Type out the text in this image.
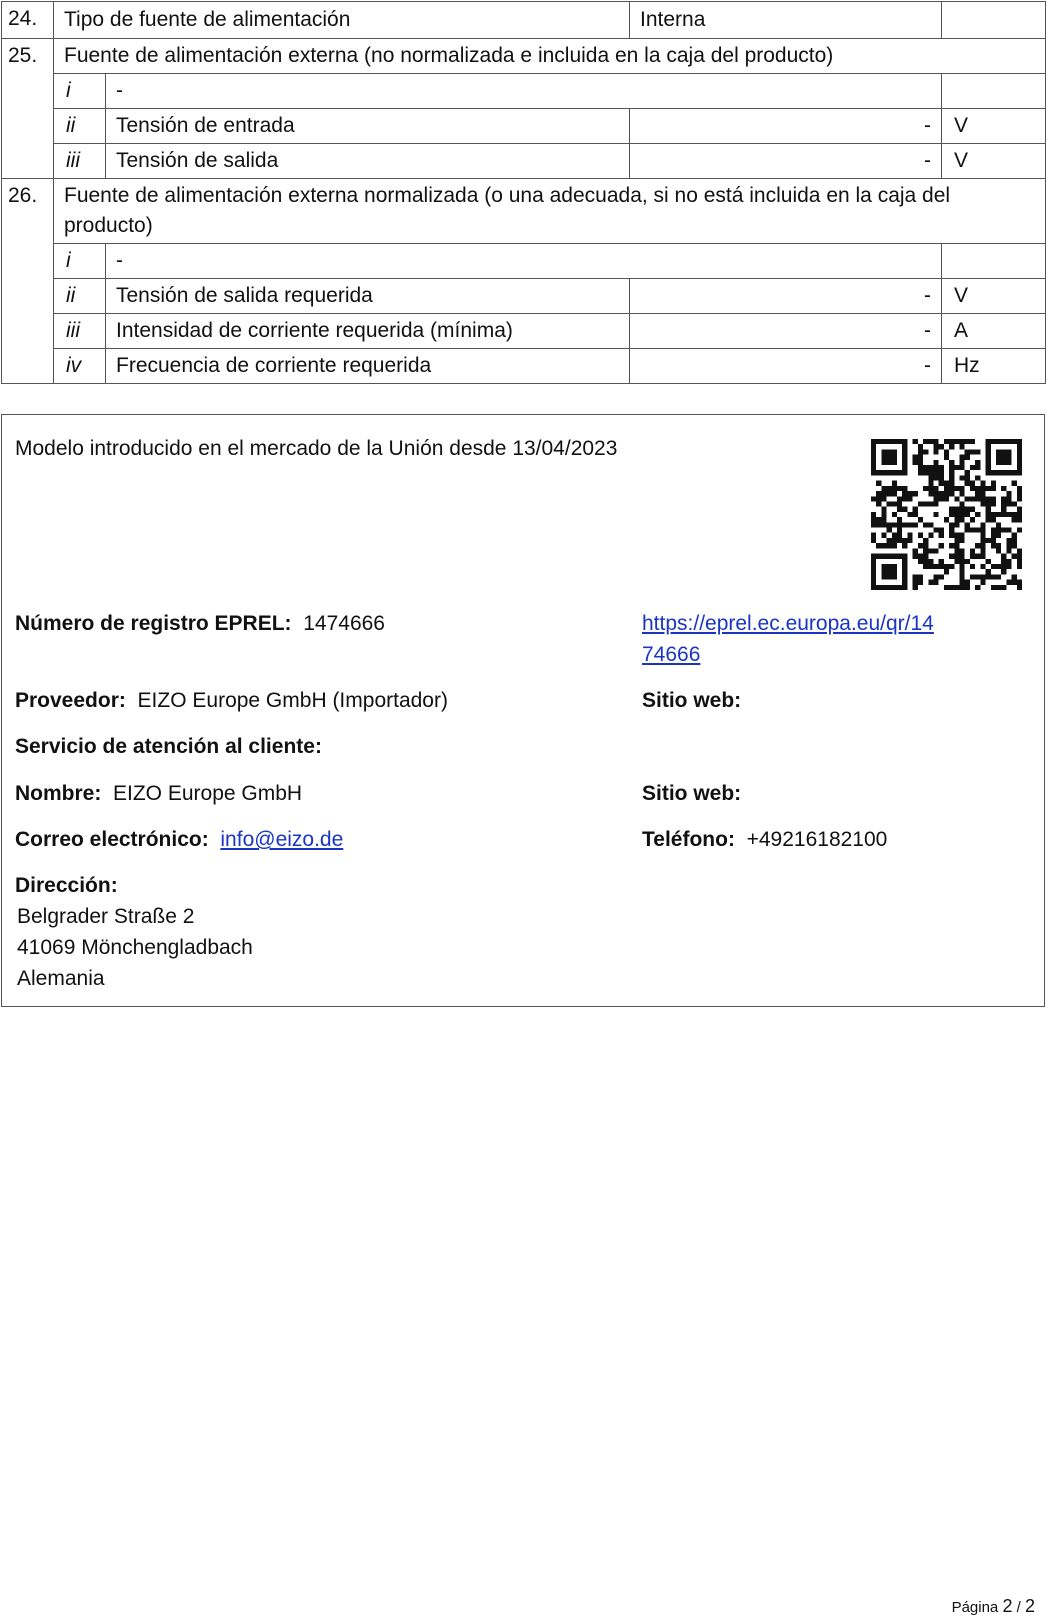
24.	Tipo de fuente de alimentación		Interna	
25.	Fuente de alimentación externa (no normalizada e incluida en la caja del producto)			
	i	-		
	ii	Tensión de entrada	-	V
	iii	Tensión de salida	-	V
26.	Fuente de alimentación externa normalizada (o una adecuada, si no está incluida en la caja del producto)			
	i	-		
	ii	Tensión de salida requerida	-	V
	iii	Intensidad de corriente requerida (mínima)	-	A
	iv	Frecuencia de corriente requerida	-	Hz
Modelo introducido en el mercado de la Unión desde 13/04/2023
Número de registro EPREL: 1474666	https://eprel.ec.europa.eu/qr/14
74666
Proveedor: EIZO Europe GmbH (Importador)	Sitio web:
Servicio de atención al cliente:
Nombre: EIZO Europe GmbH	Sitio web:
Correo electrónico: info@eizo.de	Teléfono: +49216182100
Dirección:
Belgrader Straße 2
41069 Mönchengladbach
Alemania
Página 2 / 2
